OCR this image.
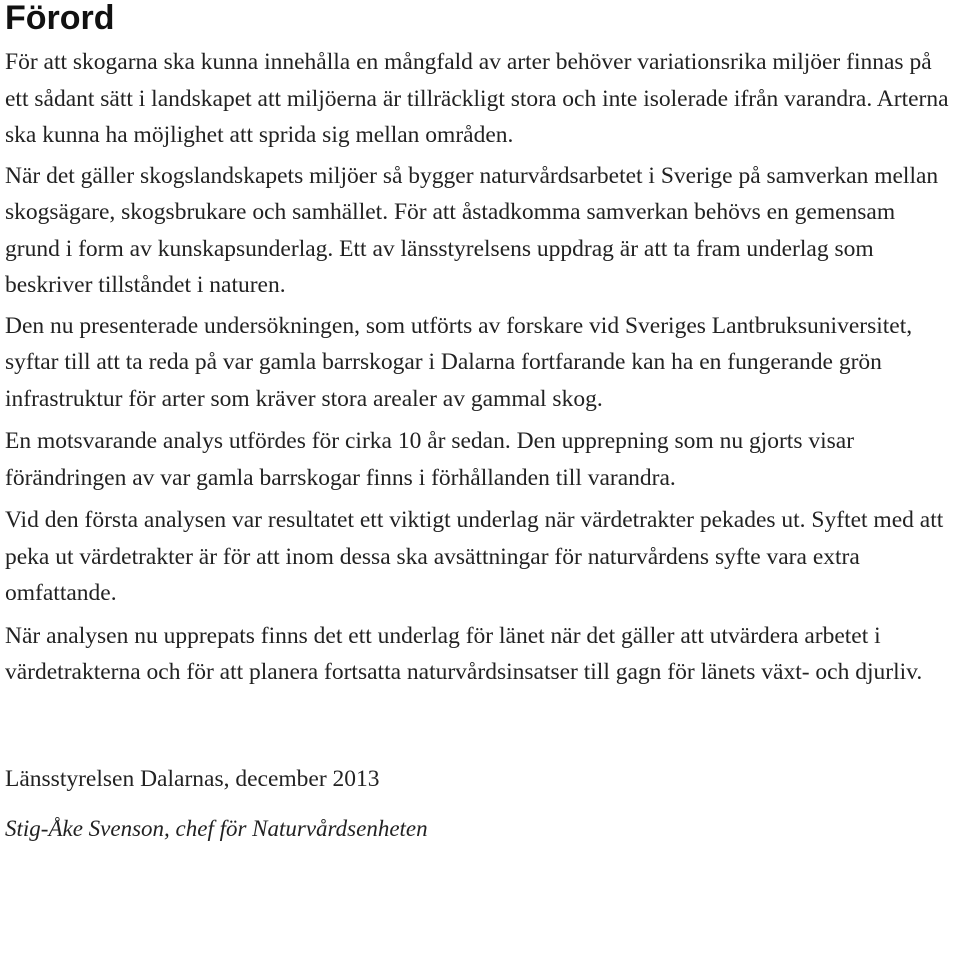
Förord

För att skogarna ska kunna innehålla en mångfald av arter behöver variationsrika miljöer finnas på ett sådant sätt i landskapet att miljöerna är tillräckligt stora och inte isolerade ifrån varandra. Arterna ska kunna ha möjlighet att sprida sig mellan områden.

När det gäller skogslandskapets miljöer så bygger naturvårdsarbetet i Sverige på samverkan mellan skogsägare, skogsbrukare och samhället. För att åstadkomma samverkan behövs en gemensam grund i form av kunskapsunderlag. Ett av länsstyrelsens uppdrag är att ta fram underlag som beskriver tillståndet i naturen.

Den nu presenterade undersökningen, som utförts av forskare vid Sveriges Lantbruksuniversitet, syftar till att ta reda på var gamla barrskogar i Dalarna fortfarande kan ha en fungerande grön infrastruktur för arter som kräver stora arealer av gammal skog.

En motsvarande analys utfördes för cirka 10 år sedan. Den upprepning som nu gjorts visar förändringen av var gamla barrskogar finns i förhållanden till varandra.

Vid den första analysen var resultatet ett viktigt underlag när värdetrakter pekades ut. Syftet med att peka ut värdetrakter är för att inom dessa ska avsättningar för naturvårdens syfte vara extra omfattande.

När analysen nu upprepats finns det ett underlag för länet när det gäller att utvärdera arbetet i värdetrakterna och för att planera fortsatta naturvårdsinsatser till gagn för länets växt- och djurliv.

Länsstyrelsen Dalarnas, december 2013

Stig-Åke Svenson, chef för Naturvårdsenheten
